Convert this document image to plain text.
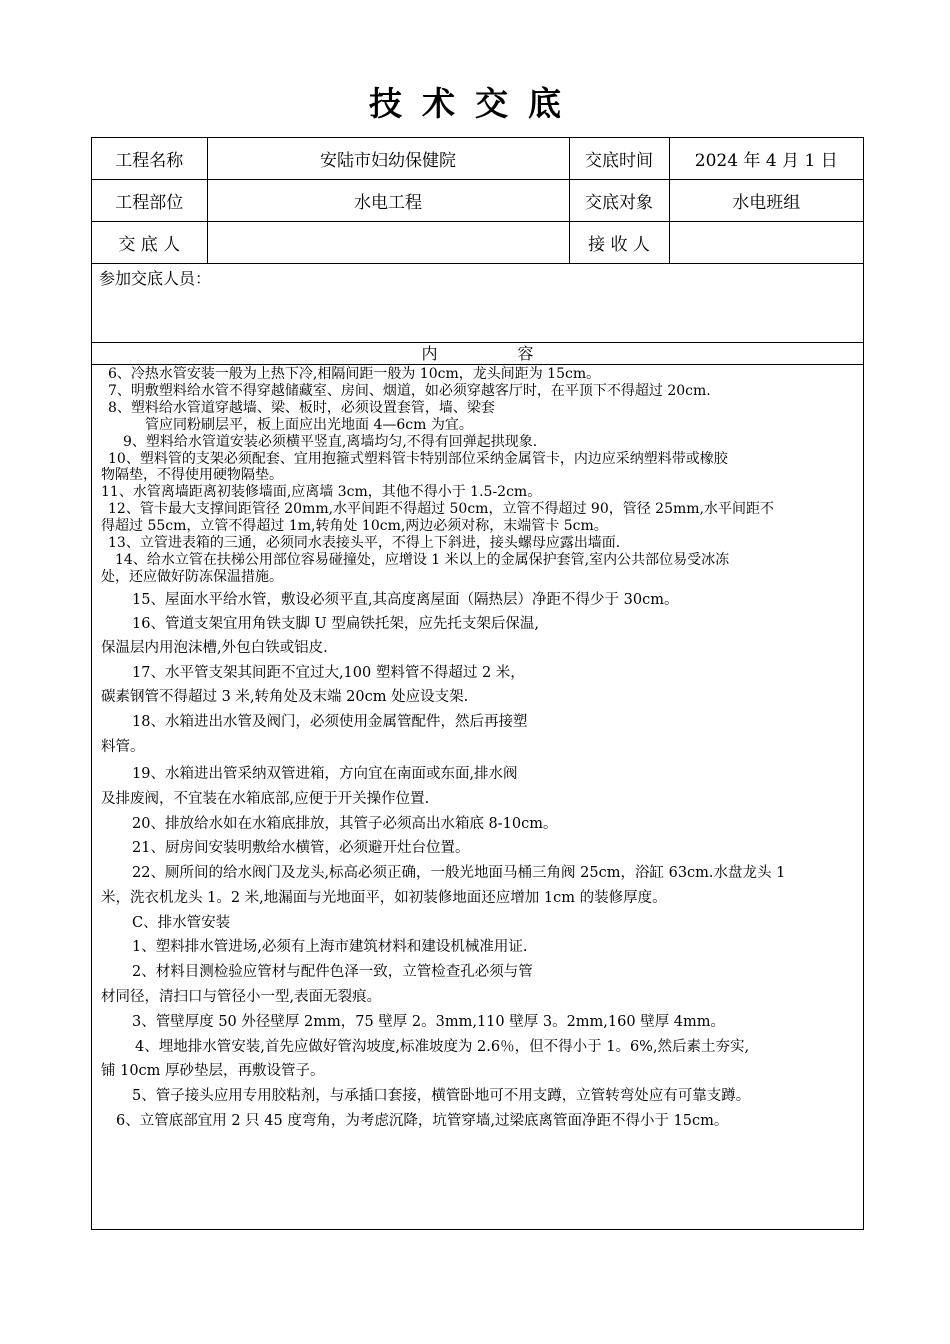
技术交底
工程名称	安陆市妇幼保健院	交底时间	2024 年 4 月 1 日
工程部位	水电工程	交底对象	水电班组
交 底 人		接 收 人	
参加交底人员：
内容
6、冷热水管安装一般为上热下冷,相隔间距一般为 10cm，龙头间距为 15cm。
7、明敷塑料给水管不得穿越储藏室、房间、烟道，如必须穿越客厅时，在平顶下不得超过 20cm.
8、塑料给水管道穿越墙、梁、板时，必须设置套管，墙、梁套
管应同粉刷层平，板上面应出光地面 4—6cm 为宜。
9、塑料给水管道安装必须横平竖直,离墙均匀,不得有回弹起拱现象.
10、塑料管的支架必须配套、宜用抱箍式塑料管卡特别部位采纳金属管卡，内边应采纳塑料带或橡胶
物隔垫，不得使用硬物隔垫。
11、水管离墙距离初装修墙面,应离墙 3cm，其他不得小于 1.5-2cm。
12、管卡最大支撑间距管径 20mm,水平间距不得超过 50cm，立管不得超过 90，管径 25mm,水平间距不
得超过 55cm，立管不得超过 1m,转角处 10cm,两边必须对称，末端管卡 5cm。
13、立管进表箱的三通，必须同水表接头平，不得上下斜进，接头螺母应露出墙面.
14、给水立管在扶梯公用部位容易碰撞处，应增设 1 米以上的金属保护套管,室内公共部位易受冰冻
处，还应做好防冻保温措施。
15、屋面水平给水管，敷设必须平直,其高度离屋面（隔热层）净距不得少于 30cm。
16、管道支架宜用角铁支脚 U 型扁铁托架，应先托支架后保温,
保温层内用泡沫槽,外包白铁或铝皮.
17、水平管支架其间距不宜过大,100 塑料管不得超过 2 米，
碳素钢管不得超过 3 米,转角处及末端 20cm 处应设支架.
18、水箱进出水管及阀门，必须使用金属管配件，然后再接塑
料管。
19、水箱进出管采纳双管进箱，方向宜在南面或东面,排水阀
及排废阀，不宜装在水箱底部,应便于开关操作位置.
20、排放给水如在水箱底排放，其管子必须高出水箱底 8-10cm。
21、厨房间安装明敷给水横管，必须避开灶台位置。
22、厕所间的给水阀门及龙头,标高必须正确，一般光地面马桶三角阀 25cm，浴缸 63cm.水盘龙头 1
米，洗衣机龙头 1。2 米,地漏面与光地面平，如初装修地面还应增加 1cm 的装修厚度。
C、排水管安装
1、塑料排水管进场,必须有上海市建筑材料和建设机械准用证.
2、材料目测检验应管材与配件色泽一致，立管检查孔必须与管
材同径，清扫口与管径小一型,表面无裂痕。
3、管壁厚度 50 外径壁厚 2mm，75 壁厚 2。3mm,110 壁厚 3。2mm,160 壁厚 4mm。
4、埋地排水管安装,首先应做好管沟坡度,标准坡度为 2.6％，但不得小于 1。6%,然后素土夯实,
铺 10cm 厚砂垫层，再敷设管子。
5、管子接头应用专用胶粘剂，与承插口套接，横管卧地可不用支蹲，立管转弯处应有可靠支蹲。
6、立管底部宜用 2 只 45 度弯角，为考虑沉降，坑管穿墙,过梁底离管面净距不得小于 15cm。
